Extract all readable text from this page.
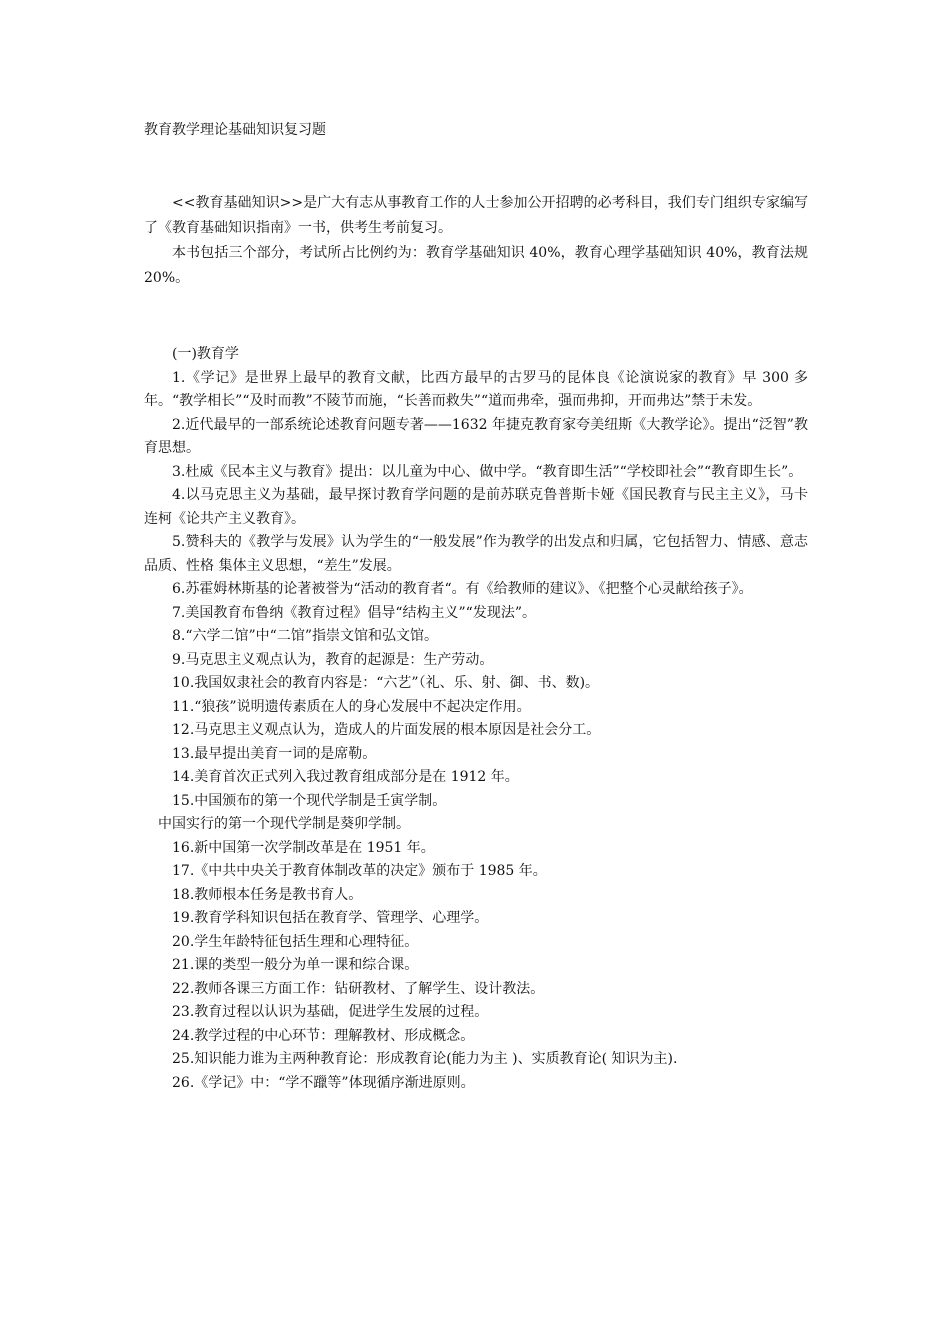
教育教学理论基础知识复习题

<<教育基础知识>>是广大有志从事教育工作的人士参加公开招聘的必考科目，我们专门组织专家编写了《教育基础知识指南》一书，供考生考前复习。

本书包括三个部分，考试所占比例约为：教育学基础知识 40%，教育心理学基础知识 40%，教育法规 20%。

(一)教育学

1.《学记》是世界上最早的教育文献，比西方最早的古罗马的昆体良《论演说家的教育》早 300 多年。“教学相长”“及时而教”不陵节而施，“长善而救失”“道而弗牵，强而弗抑，开而弗达”禁于未发。

2.近代最早的一部系统论述教育问题专著——1632 年捷克教育家夸美纽斯《大教学论》。提出“泛智”教育思想。

3.杜威《民本主义与教育》提出：以儿童为中心、做中学。“教育即生活”“学校即社会”“教育即生长”。

4.以马克思主义为基础，最早探讨教育学问题的是前苏联克鲁普斯卡娅《国民教育与民主主义》，马卡连柯《论共产主义教育》。

5.赞科夫的《教学与发展》认为学生的“一般发展”作为教学的出发点和归属，它包括智力、情感、意志品质、性格 集体主义思想，“差生”发展。

6.苏霍姆林斯基的论著被誉为“活动的教育者“。有《给教师的建议》、《把整个心灵献给孩子》。

7.美国教育布鲁纳《教育过程》倡导“结构主义”“发现法”。

8.“六学二馆”中“二馆”指崇文馆和弘文馆。

9.马克思主义观点认为，教育的起源是：生产劳动。

10.我国奴隶社会的教育内容是：“六艺”（礼、乐、射、御、书、数)。

11.“狼孩”说明遗传素质在人的身心发展中不起决定作用。

12.马克思主义观点认为，造成人的片面发展的根本原因是社会分工。

13.最早提出美育一词的是席勒。

14.美育首次正式列入我过教育组成部分是在 1912 年。

15.中国颁布的第一个现代学制是壬寅学制。

中国实行的第一个现代学制是葵卯学制。

16.新中国第一次学制改革是在 1951 年。

17.《中共中央关于教育体制改革的决定》颁布于 1985 年。

18.教师根本任务是教书育人。

19.教育学科知识包括在教育学、管理学、心理学。

20.学生年龄特征包括生理和心理特征。

21.课的类型一般分为单一课和综合课。

22.教师各课三方面工作：钻研教材、了解学生、设计教法。

23.教育过程以认识为基础，促进学生发展的过程。

24.教学过程的中心环节：理解教材、形成概念。

25.知识能力谁为主两种教育论：形成教育论(能力为主 )、实质教育论( 知识为主).

26.《学记》中：“学不躐等”体现循序渐进原则。
